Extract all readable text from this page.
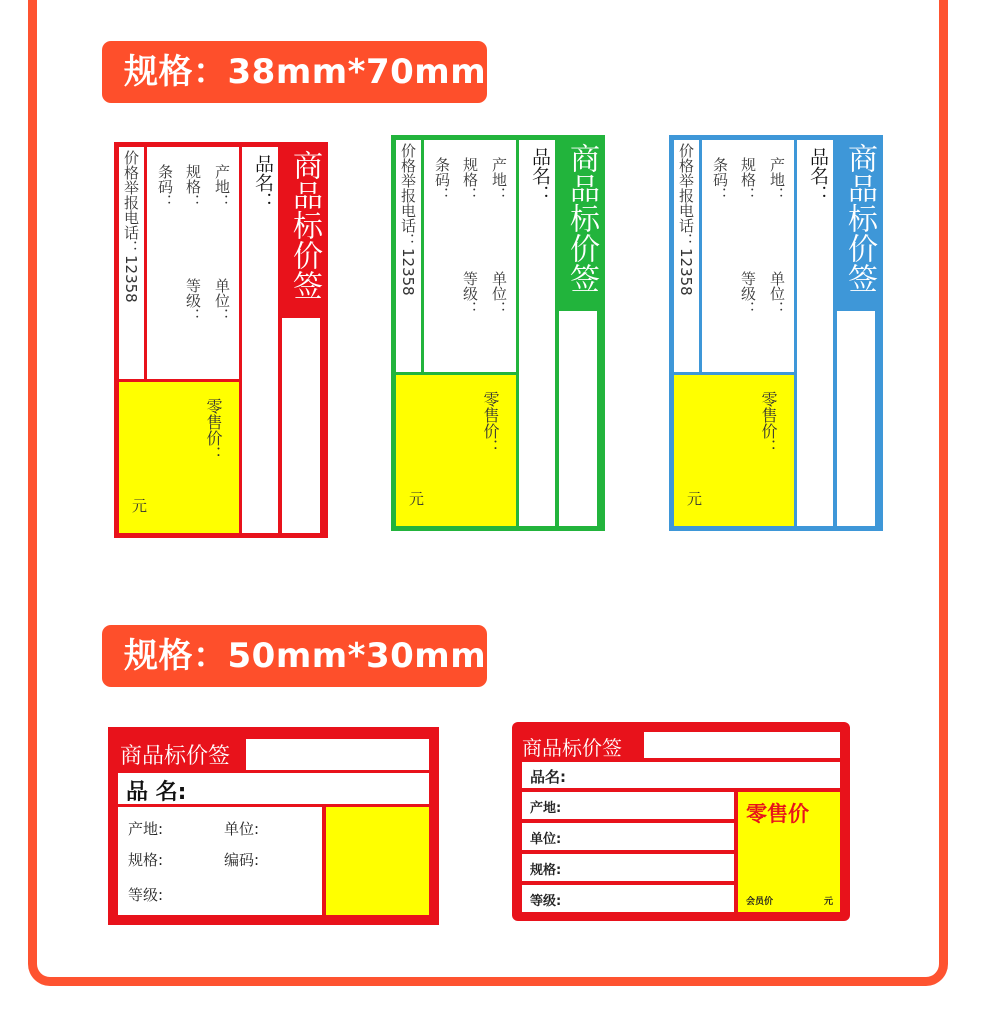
规格：38mm*70mm
规格：50mm*30mm
价格举报电话：12358	产地：
规格：
条码：
单位：
等级：
零售价：
元
品名： 商品标价签	价格举报电话：12358	产地：
规格：
条码：
单位：
等级：
零售价：
元
品名： 商品标价签	价格举报电话：12358	产地：
规格：
条码：
单位：
等级：
零售价：
元
品名： 商品标价签
商品标价签
品 名:
产地:	单位:
规格:	编码:
等级:
商品标价签
品名:
产地:
单位:
规格:
等级:
零售价
会员价	元
